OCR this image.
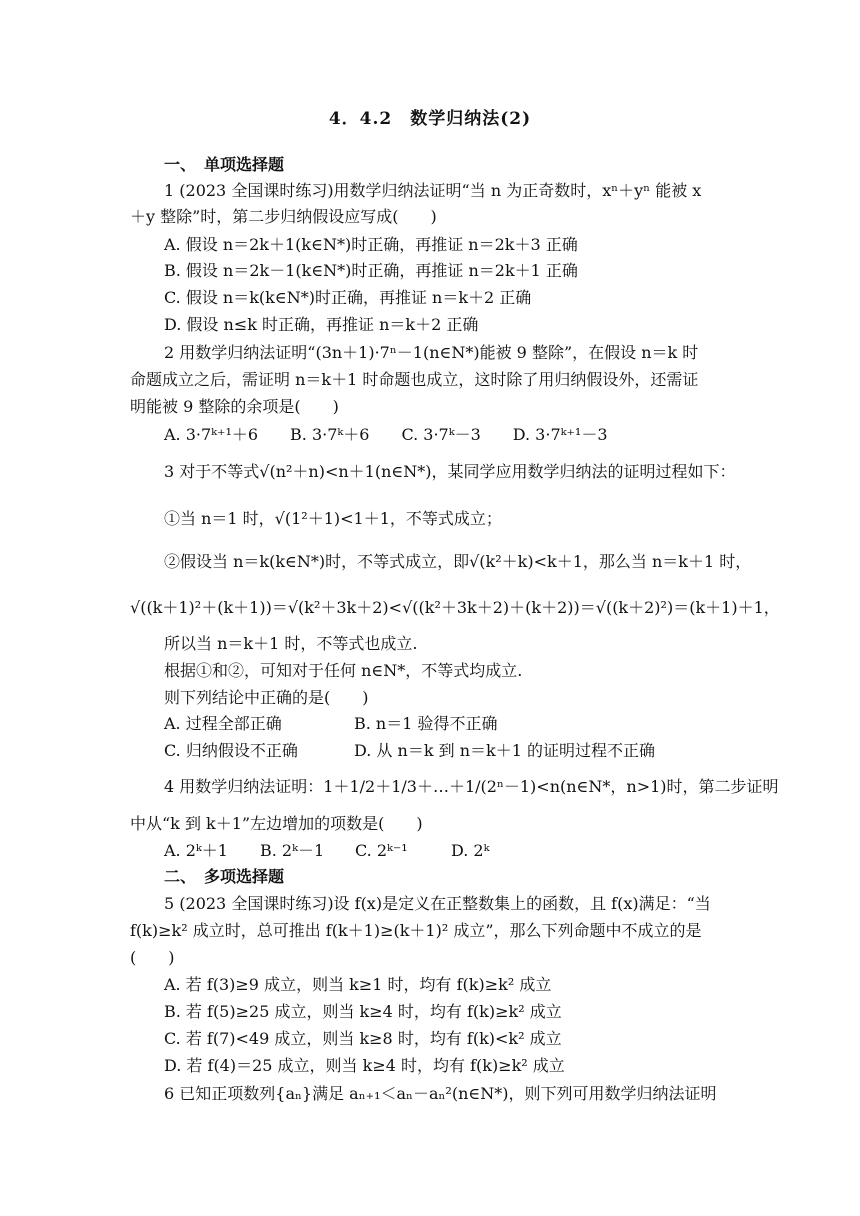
4．4.2　数学归纳法(2)
一、　单项选择题
1 (2023 全国课时练习)用数学归纳法证明“当 n 为正奇数时，xⁿ＋yⁿ 能被 x
＋y 整除”时，第二步归纳假设应写成(　　)
A. 假设 n＝2k＋1(k∈N*)时正确，再推证 n＝2k＋3 正确
B. 假设 n＝2k－1(k∈N*)时正确，再推证 n＝2k＋1 正确
C. 假设 n＝k(k∈N*)时正确，再推证 n＝k＋2 正确
D. 假设 n≤k 时正确，再推证 n＝k＋2 正确
2 用数学归纳法证明“(3n＋1)·7ⁿ－1(n∈N*)能被 9 整除”，在假设 n＝k 时
命题成立之后，需证明 n＝k＋1 时命题也成立，这时除了用归纳假设外，还需证
明能被 9 整除的余项是(　　)
A. 3·7ᵏ⁺¹＋6　　B. 3·7ᵏ＋6　　C. 3·7ᵏ－3　　D. 3·7ᵏ⁺¹－3
3 对于不等式√(n²＋n)<n＋1(n∈N*)，某同学应用数学归纳法的证明过程如下：
①当 n＝1 时，√(1²＋1)<1＋1，不等式成立；
②假设当 n＝k(k∈N*)时，不等式成立，即√(k²＋k)<k＋1，那么当 n＝k＋1 时，
√((k＋1)²＋(k＋1))＝√(k²＋3k＋2)<√((k²＋3k＋2)＋(k＋2))＝√((k＋2)²)＝(k＋1)＋1，
所以当 n＝k＋1 时，不等式也成立.
根据①和②，可知对于任何 n∈N*，不等式均成立.
则下列结论中正确的是(　　)
A. 过程全部正确	B. n＝1 验得不正确
C. 归纳假设不正确	D. 从 n＝k 到 n＝k＋1 的证明过程不正确
4 用数学归纳法证明：1＋1/2＋1/3＋…＋1/(2ⁿ－1)<n(n∈N*，n>1)时，第二步证明
中从“k 到 k＋1”左边增加的项数是(　　)
A. 2ᵏ＋1 B. 2ᵏ－1 C. 2ᵏ⁻¹	D. 2ᵏ
二、　多项选择题
5 (2023 全国课时练习)设 f(x)是定义在正整数集上的函数，且 f(x)满足：“当
f(k)≥k² 成立时，总可推出 f(k＋1)≥(k＋1)² 成立”，那么下列命题中不成立的是
(　　)
A. 若 f(3)≥9 成立，则当 k≥1 时，均有 f(k)≥k² 成立
B. 若 f(5)≥25 成立，则当 k≥4 时，均有 f(k)≥k² 成立
C. 若 f(7)<49 成立，则当 k≥8 时，均有 f(k)<k² 成立
D. 若 f(4)＝25 成立，则当 k≥4 时，均有 f(k)≥k² 成立
6 已知正项数列{aₙ}满足 aₙ₊₁＜aₙ－aₙ²(n∈N*)，则下列可用数学归纳法证明
